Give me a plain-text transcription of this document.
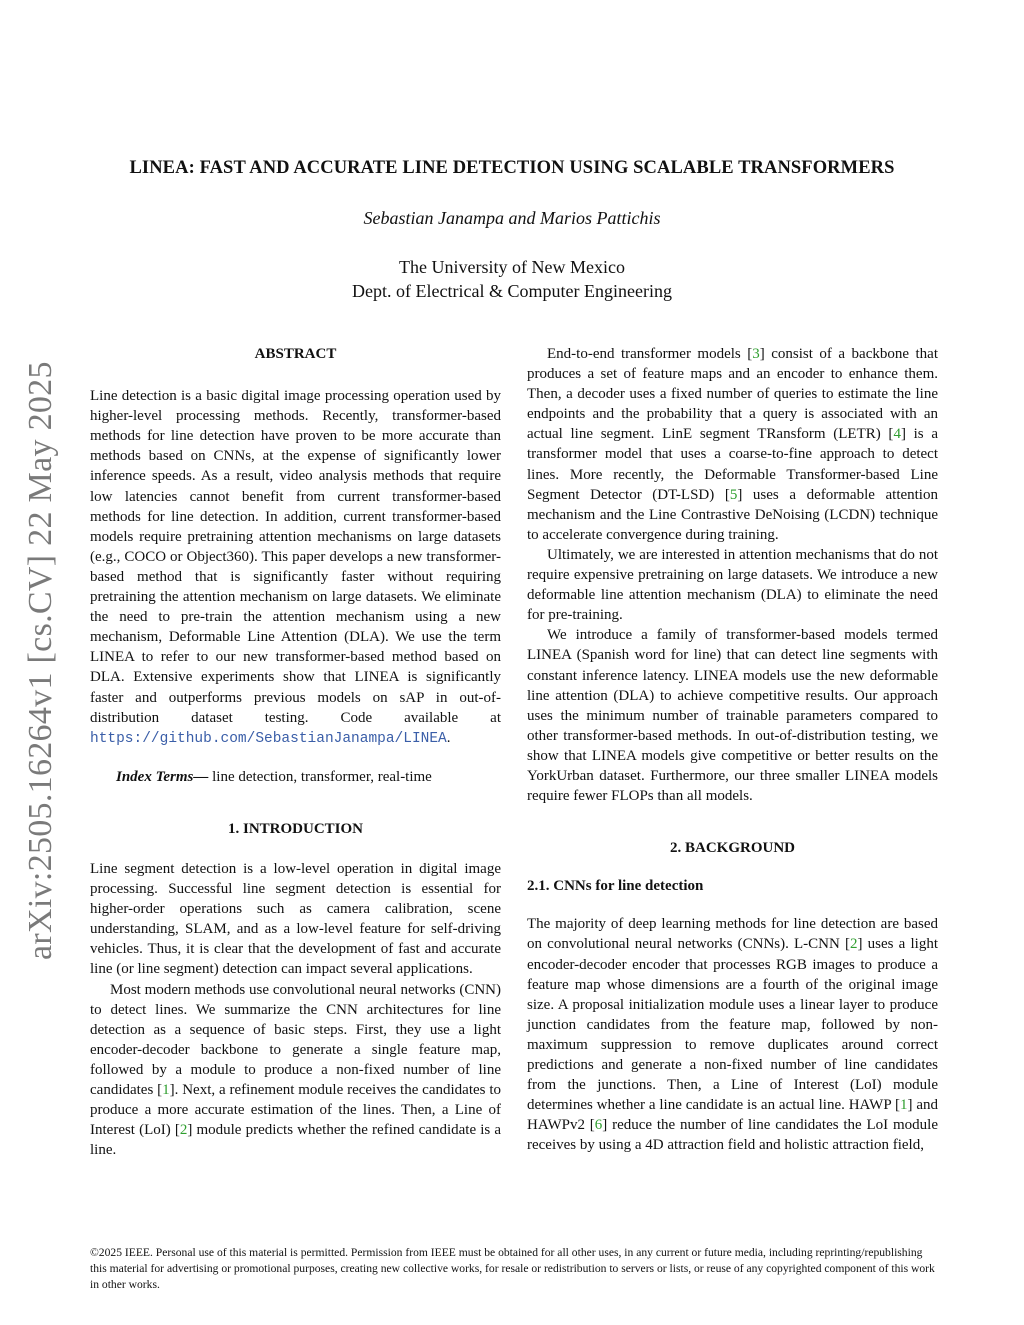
arXiv:2505.16264v1 [cs.CV] 22 May 2025
LINEA: FAST AND ACCURATE LINE DETECTION USING SCALABLE TRANSFORMERS
Sebastian Janampa and Marios Pattichis
The University of New Mexico
Dept. of Electrical & Computer Engineering

ABSTRACT

Line detection is a basic digital image processing operation used by higher-level processing methods. Recently, transformer-based methods for line detection have proven to be more accurate than methods based on CNNs, at the expense of significantly lower inference speeds. As a result, video analysis methods that require low latencies cannot benefit from current transformer-based methods for line detection. In addition, current transformer-based models require pretraining attention mechanisms on large datasets (e.g., COCO or Object360). This paper develops a new transformer-based method that is significantly faster without requiring pretraining the attention mechanism on large datasets. We eliminate the need to pre-train the attention mechanism using a new mechanism, Deformable Line Attention (DLA). We use the term LINEA to refer to our new transformer-based method based on DLA. Extensive experiments show that LINEA is significantly faster and outperforms previous models on sAP in out-of-distribution dataset testing. Code available at https://github.com/SebastianJanampa/LINEA.

Index Terms— line detection, transformer, real-time

1. INTRODUCTION

Line segment detection is a low-level operation in digital image processing. Successful line segment detection is essential for higher-order operations such as camera calibration, scene understanding, SLAM, and as a low-level feature for self-driving vehicles. Thus, it is clear that the development of fast and accurate line (or line segment) detection can impact several applications.

Most modern methods use convolutional neural networks (CNN) to detect lines. We summarize the CNN architectures for line detection as a sequence of basic steps. First, they use a light encoder-decoder backbone to generate a single feature map, followed by a module to produce a non-fixed number of line candidates [1]. Next, a refinement module receives the candidates to produce a more accurate estimation of the lines. Then, a Line of Interest (LoI) [2] module predicts whether the refined candidate is a line.

End-to-end transformer models [3] consist of a backbone that produces a set of feature maps and an encoder to enhance them. Then, a decoder uses a fixed number of queries to estimate the line endpoints and the probability that a query is associated with an actual line segment. LinE segment TRansform (LETR) [4] is a transformer model that uses a coarse-to-fine approach to detect lines. More recently, the Deformable Transformer-based Line Segment Detector (DT-LSD) [5] uses a deformable attention mechanism and the Line Contrastive DeNoising (LCDN) technique to accelerate convergence during training.

Ultimately, we are interested in attention mechanisms that do not require expensive pretraining on large datasets. We introduce a new deformable line attention mechanism (DLA) to eliminate the need for pre-training.

We introduce a family of transformer-based models termed LINEA (Spanish word for line) that can detect line segments with constant inference latency. LINEA models use the new deformable line attention (DLA) to achieve competitive results. Our approach uses the minimum number of trainable parameters compared to other transformer-based methods. In out-of-distribution testing, we show that LINEA models give competitive or better results on the YorkUrban dataset. Furthermore, our three smaller LINEA models require fewer FLOPs than all models.

2. BACKGROUND

2.1. CNNs for line detection

The majority of deep learning methods for line detection are based on convolutional neural networks (CNNs). L-CNN [2] uses a light encoder-decoder encoder that processes RGB images to produce a feature map whose dimensions are a fourth of the original image size. A proposal initialization module uses a linear layer to produce junction candidates from the feature map, followed by non-maximum suppression to remove duplicates around correct predictions and generate a non-fixed number of line candidates from the junctions. Then, a Line of Interest (LoI) module determines whether a line candidate is an actual line. HAWP [1] and HAWPv2 [6] reduce the number of line candidates the LoI module receives by using a 4D attraction field and holistic attraction field,

©2025 IEEE. Personal use of this material is permitted. Permission from IEEE must be obtained for all other uses, in any current or future media, including reprinting/republishing this material for advertising or promotional purposes, creating new collective works, for resale or redistribution to servers or lists, or reuse of any copyrighted component of this work in other works.
